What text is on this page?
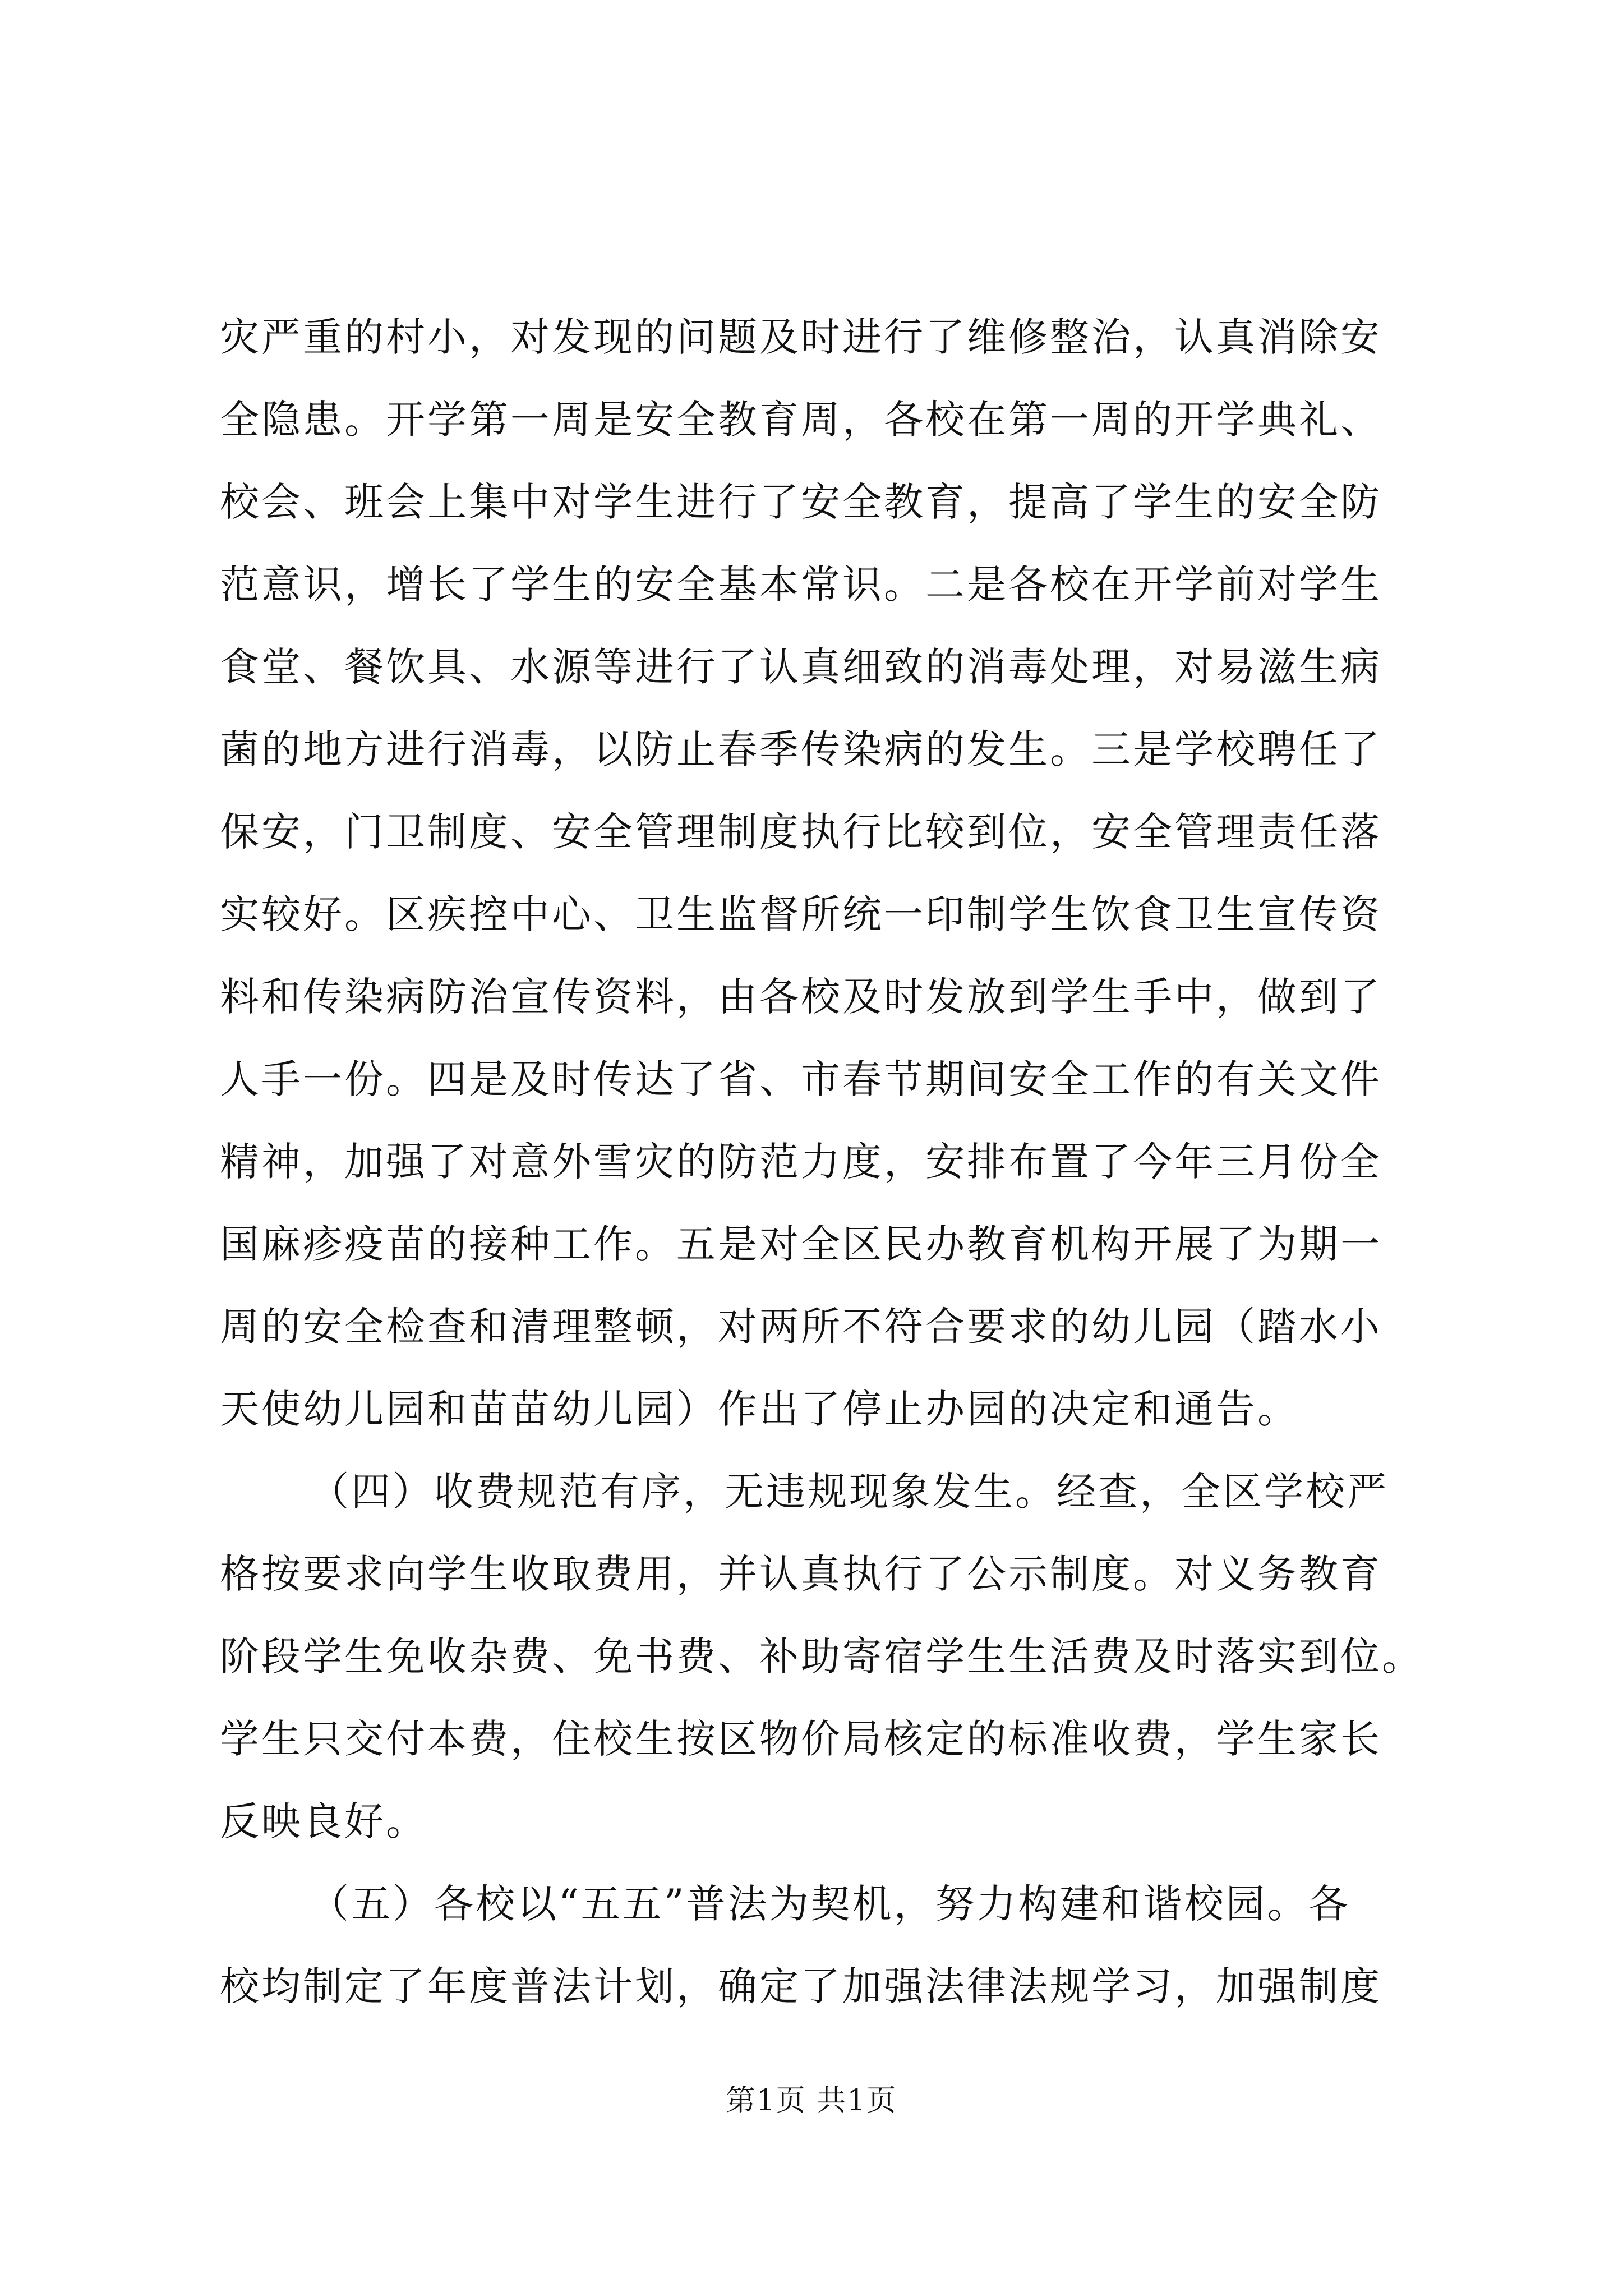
灾严重的村小，对发现的问题及时进行了维修整治，认真消除安
全隐患。开学第一周是安全教育周，各校在第一周的开学典礼、
校会、班会上集中对学生进行了安全教育，提高了学生的安全防
范意识，增长了学生的安全基本常识。二是各校在开学前对学生
食堂、餐饮具、水源等进行了认真细致的消毒处理，对易滋生病
菌的地方进行消毒，以防止春季传染病的发生。三是学校聘任了
保安，门卫制度、安全管理制度执行比较到位，安全管理责任落
实较好。区疾控中心、卫生监督所统一印制学生饮食卫生宣传资
料和传染病防治宣传资料，由各校及时发放到学生手中，做到了
人手一份。四是及时传达了省、市春节期间安全工作的有关文件
精神，加强了对意外雪灾的防范力度，安排布置了今年三月份全
国麻疹疫苗的接种工作。五是对全区民办教育机构开展了为期一
周的安全检查和清理整顿，对两所不符合要求的幼儿园（踏水小
天使幼儿园和苗苗幼儿园）作出了停止办园的决定和通告。
（四）收费规范有序，无违规现象发生。经查，全区学校严
格按要求向学生收取费用，并认真执行了公示制度。对义务教育
阶段学生免收杂费、免书费、补助寄宿学生生活费及时落实到位。
学生只交付本费，住校生按区物价局核定的标准收费，学生家长
反映良好。
（五）各校以“五五”普法为契机，努力构建和谐校园。各
校均制定了年度普法计划，确定了加强法律法规学习，加强制度
第1页 共1页
